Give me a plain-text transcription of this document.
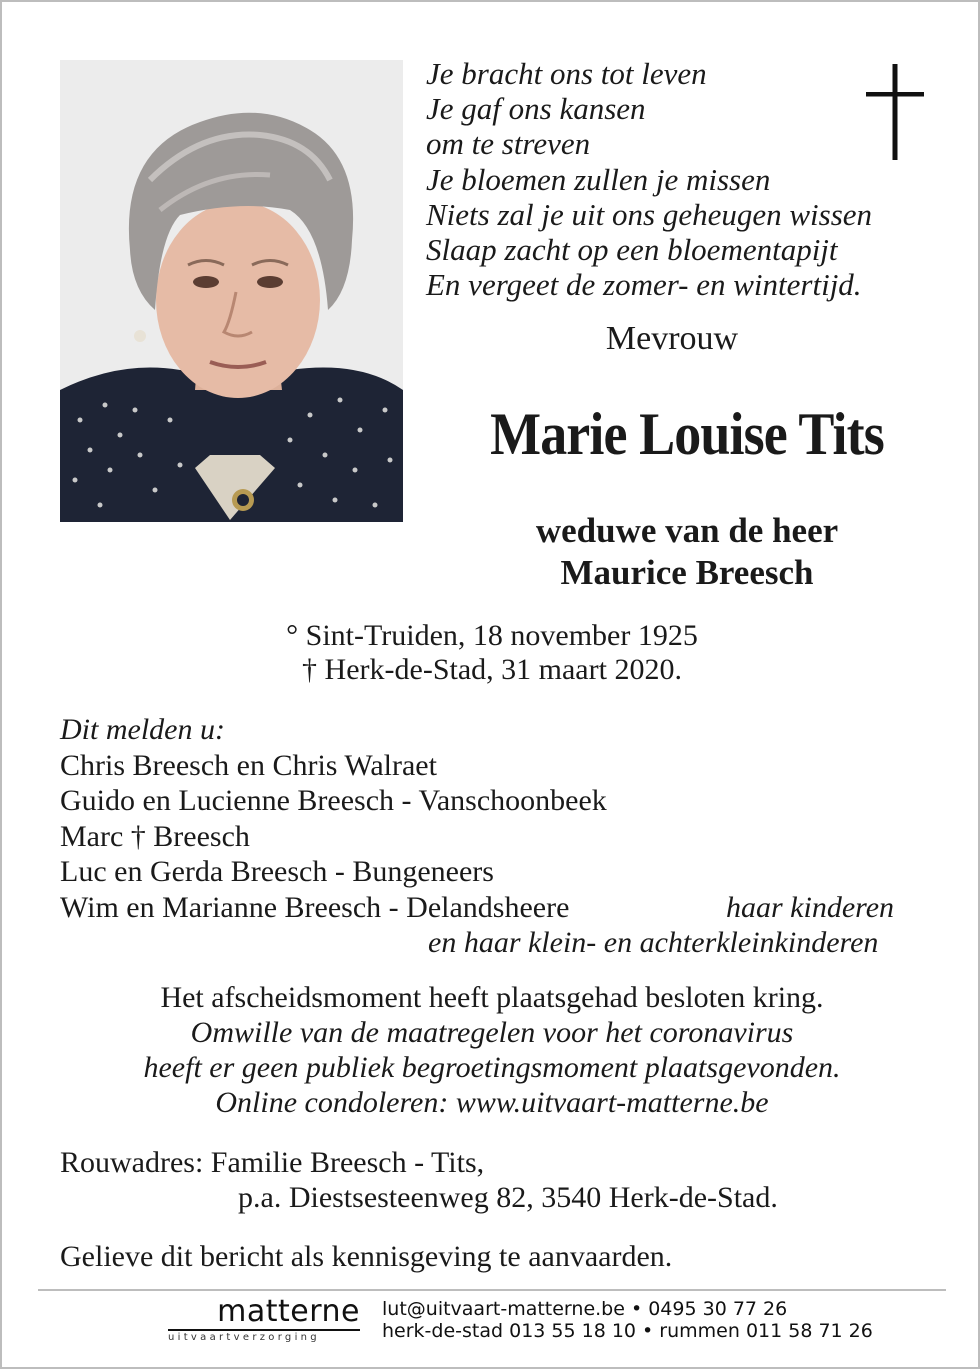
Je bracht ons tot leven
Je gaf ons kansen
om te streven
Je bloemen zullen je missen
Niets zal je uit ons geheugen wissen
Slaap zacht op een bloementapijt
En vergeet de zomer- en wintertijd.
Mevrouw
Marie Louise Tits
weduwe van de heer
Maurice Breesch
° Sint-Truiden, 18 november 1925
† Herk-de-Stad, 31 maart 2020.
Dit melden u:
Chris Breesch en Chris Walraet
Guido en Lucienne Breesch - Vanschoonbeek
Marc † Breesch
Luc en Gerda Breesch - Bungeneers
Wim en Marianne Breesch - Delandsheere	haar kinderen
en haar klein- en achterkleinkinderen
Het afscheidsmoment heeft plaatsgehad besloten kring.
Omwille van de maatregelen voor het coronavirus
heeft er geen publiek begroetingsmoment plaatsgevonden.
Online condoleren: www.uitvaart-matterne.be
Rouwadres: Familie Breesch - Tits,
p.a. Diestsesteenweg 82, 3540 Herk-de-Stad.
Gelieve dit bericht als kennisgeving te aanvaarden.
matterne
uitvaartverzorging
lut@uitvaart-matterne.be • 0495 30 77 26
herk-de-stad 013 55 18 10 • rummen 011 58 71 26
